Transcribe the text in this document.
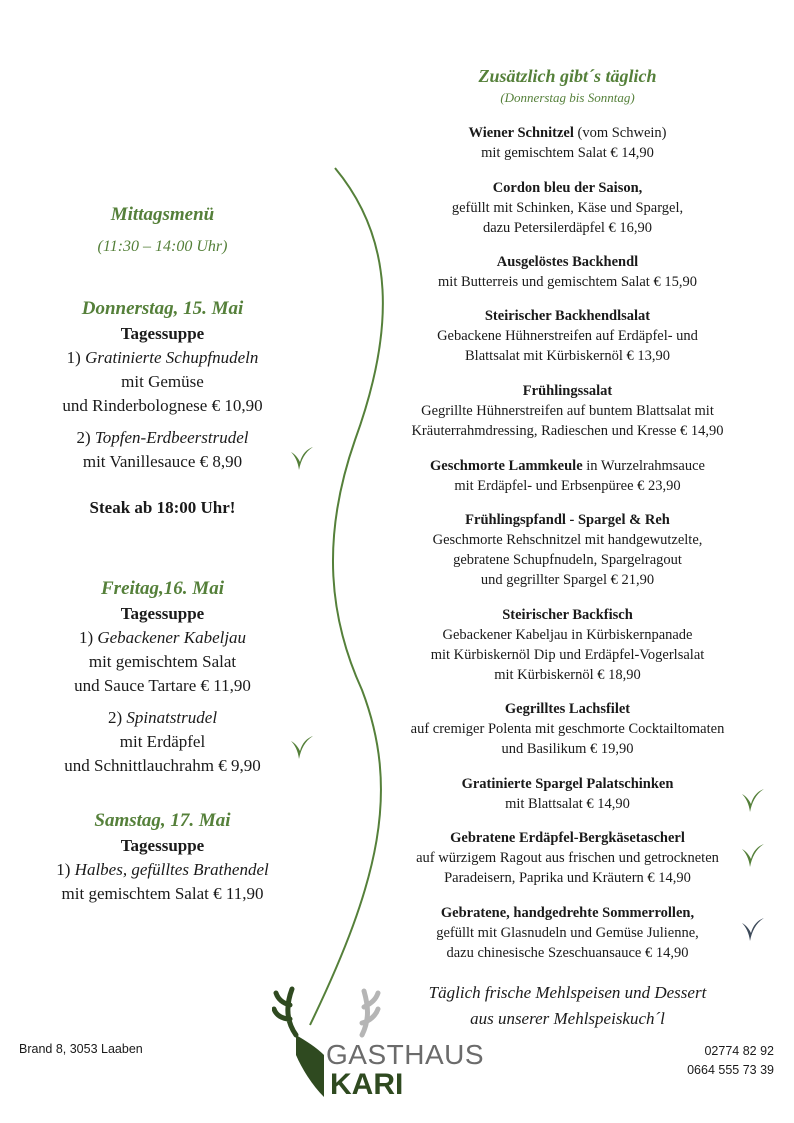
Mittagsmenü
(11:30 – 14:00 Uhr)
Donnerstag, 15. Mai
Tagessuppe
1) Gratinierte Schupfnudeln
mit Gemüse
und Rinderbolognese € 10,90
2) Topfen-Erdbeerstrudel
mit Vanillesauce € 8,90
Steak ab 18:00 Uhr!
Freitag,16. Mai
Tagessuppe
1) Gebackener Kabeljau
mit gemischtem Salat
und Sauce Tartare € 11,90
2) Spinatstrudel
mit Erdäpfel
und Schnittlauchrahm € 9,90
Samstag, 17. Mai
Tagessuppe
1) Halbes, gefülltes Brathendel
mit gemischtem Salat € 11,90
Zusätzlich gibt´s täglich
(Donnerstag bis Sonntag)
Wiener Schnitzel (vom Schwein)
mit gemischtem Salat € 14,90
Cordon bleu der Saison,
gefüllt mit Schinken, Käse und Spargel,
dazu Petersilerdäpfel € 16,90
Ausgelöstes Backhendl
mit Butterreis und gemischtem Salat € 15,90
Steirischer Backhendlsalat
Gebackene Hühnerstreifen auf Erdäpfel- und
Blattsalat mit Kürbiskernöl € 13,90
Frühlingssalat
Gegrillte Hühnerstreifen auf buntem Blattsalat mit
Kräuterrahmdressing, Radieschen und Kresse € 14,90
Geschmorte Lammkeule in Wurzelrahmsauce
mit Erdäpfel- und Erbsenpüree € 23,90
Frühlingspfandl - Spargel & Reh
Geschmorte Rehschnitzel mit handgewutzelte,
gebratene Schupfnudeln, Spargelragout
und gegrillter Spargel € 21,90
Steirischer Backfisch
Gebackener Kabeljau in Kürbiskernpanade
mit Kürbiskernöl Dip und Erdäpfel-Vogerlsalat
mit Kürbiskernöl € 18,90
Gegrilltes Lachsfilet
auf cremiger Polenta mit geschmorte Cocktailtomaten
und Basilikum € 19,90
Gratinierte Spargel Palatschinken
mit Blattsalat € 14,90
Gebratene Erdäpfel-Bergkäsetascherl
auf würzigem Ragout aus frischen und getrockneten
Paradeisern, Paprika und Kräutern € 14,90
Gebratene, handgedrehte Sommerrollen,
gefüllt mit Glasnudeln und Gemüse Julienne,
dazu chinesische Szeschuansauce € 14,90
Täglich frische Mehlspeisen und Dessert
aus unserer Mehlspeiskuch´l
Brand 8, 3053 Laaben	02774 82 92
0664 555 73 39
GASTHAUS
KARI
